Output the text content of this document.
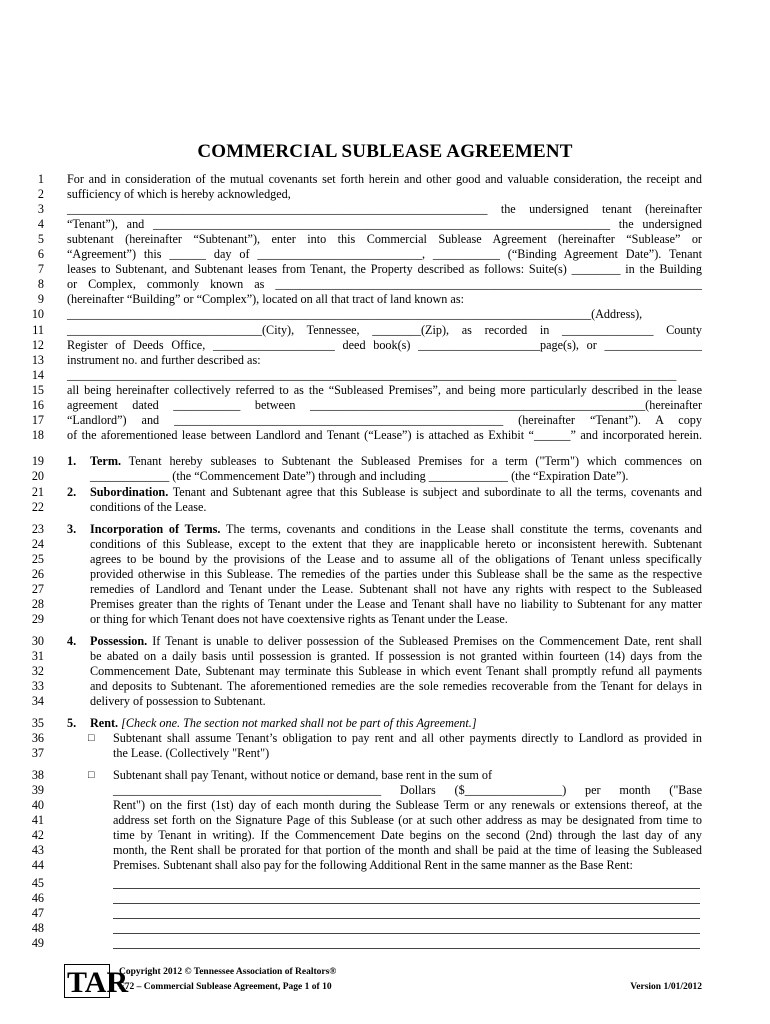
COMMERCIAL SUBLEASE AGREEMENT
1 For and in consideration of the mutual covenants set forth herein and other good and valuable consideration, the receipt and
2 sufficiency of which is hereby acknowledged,
3 _____________________________________________________________________ the undersigned tenant (hereinafter
4 “Tenant”), and ___________________________________________________________________________ the undersigned
5 subtenant (hereinafter “Subtenant”), enter into this Commercial Sublease Agreement (hereinafter “Sublease” or
6 “Agreement”) this ______ day of ___________________________, ___________ (“Binding Agreement Date”). Tenant
7 leases to Subtenant, and Subtenant leases from Tenant, the Property described as follows: Suite(s) ________ in the Building
8 or Complex, commonly known as ______________________________________________________________________
9 (hereinafter “Building” or “Complex”), located on all that tract of land known as:
10 ______________________________________________________________________________________(Address),
11 ________________________________(City), Tennessee, ________(Zip), as recorded in _______________ County
12 Register of Deeds Office, ____________________ deed book(s) ____________________page(s), or ________________
13 instrument no. and further described as:
14 ____________________________________________________________________________________________________
15 all being hereinafter collectively referred to as the “Subleased Premises”, and being more particularly described in the lease
16 agreement dated ___________ between _______________________________________________________(hereinafter
17 “Landlord”) and ______________________________________________________ (hereinafter “Tenant”). A copy
18 of the aforementioned lease between Landlord and Tenant (“Lease”) is attached as Exhibit “______” and incorporated herein.
19 1. Term. Tenant hereby subleases to Subtenant the Subleased Premises for a term ("Term") which commences on
20	_____________ (the “Commencement Date”) through and including _____________ (the “Expiration Date”).
21 2. Subordination. Tenant and Subtenant agree that this Sublease is subject and subordinate to all the terms, covenants and
22	conditions of the Lease.
23 3. Incorporation of Terms. The terms, covenants and conditions in the Lease shall constitute the terms, covenants and
24	conditions of this Sublease, except to the extent that they are inapplicable hereto or inconsistent herewith. Subtenant
25	agrees to be bound by the provisions of the Lease and to assume all of the obligations of Tenant unless specifically
26	provided otherwise in this Sublease. The remedies of the parties under this Sublease shall be the same as the respective
27	remedies of Landlord and Tenant under the Lease. Subtenant shall not have any rights with respect to the Subleased
28	Premises greater than the rights of Tenant under the Lease and Tenant shall have no liability to Subtenant for any matter
29	or thing for which Tenant does not have coextensive rights as Tenant under the Lease.
30 4. Possession. If Tenant is unable to deliver possession of the Subleased Premises on the Commencement Date, rent shall
31	be abated on a daily basis until possession is granted. If possession is not granted within fourteen (14) days from the
32	Commencement Date, Subtenant may terminate this Sublease in which event Tenant shall promptly refund all payments
33	and deposits to Subtenant. The aforementioned remedies are the sole remedies recoverable from the Tenant for delays in
34	delivery of possession to Subtenant.
35 5. Rent. [Check one. The section not marked shall not be part of this Agreement.]
36	□ Subtenant shall assume Tenant’s obligation to pay rent and all other payments directly to Landlord as provided in
37	the Lease. (Collectively "Rent")
38	□ Subtenant shall pay Tenant, without notice or demand, base rent in the sum of
39	____________________________________________ Dollars ($________________) per month ("Base
40	Rent") on the first (1st) day of each month during the Sublease Term or any renewals or extensions thereof, at the
41	address set forth on the Signature Page of this Sublease (or at such other address as may be designated from time to
42	time by Tenant in writing). If the Commencement Date begins on the second (2nd) through the last day of any
43	month, the Rent shall be prorated for that portion of the month and shall be paid at the time of leasing the Subleased
44	Premises. Subtenant shall also pay for the following Additional Rent in the same manner as the Base Rent:
45
46
47
48
49
TAR
Copyright 2012 © Tennessee Association of Realtors®
F72 – Commercial Sublease Agreement, Page 1 of 10	Version 1/01/2012
